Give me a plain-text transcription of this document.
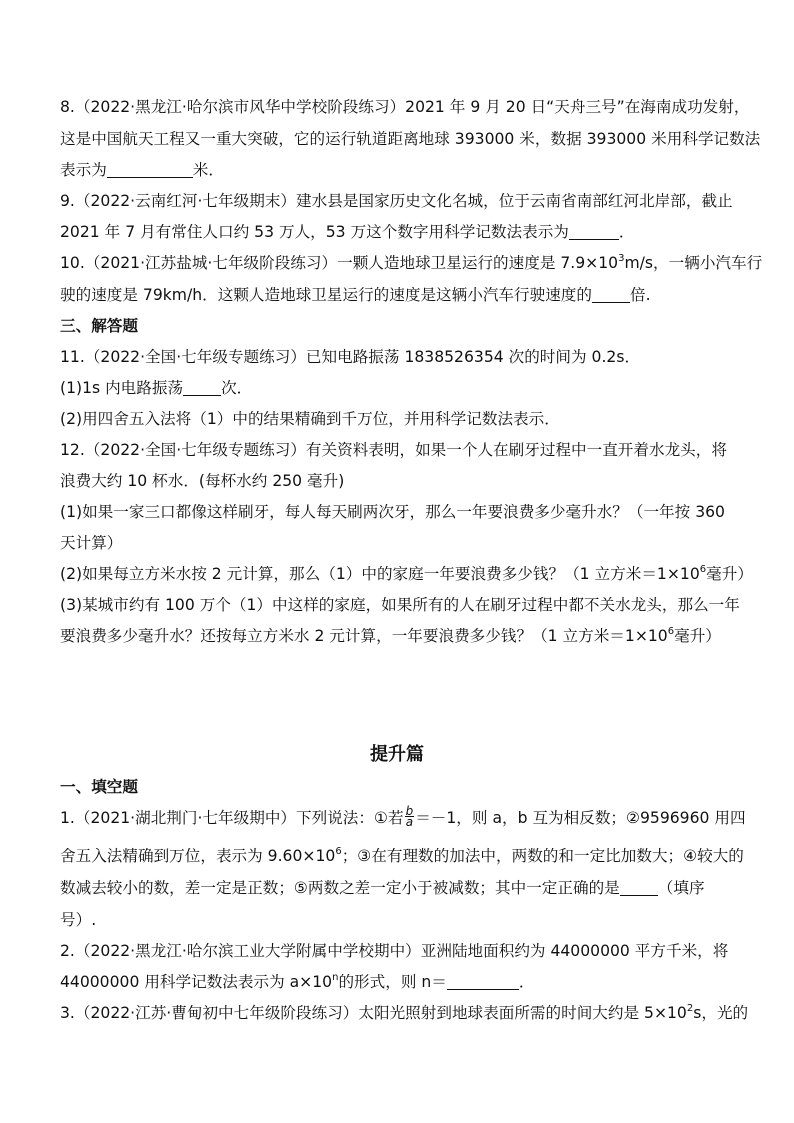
8.（2022·黑龙江·哈尔滨市风华中学校阶段练习）2021 年 9 月 20 日“天舟三号”在海南成功发射，
这是中国航天工程又一重大突破，它的运行轨道距离地球 393000 米，数据 393000 米用科学记数法
表示为	米．
9.（2022·云南红河·七年级期末）建水县是国家历史文化名城，位于云南省南部红河北岸部，截止
2021 年 7 月有常住人口约 53 万人，53 万这个数字用科学记数法表示为	．
10.（2021·江苏盐城·七年级阶段练习）一颗人造地球卫星运行的速度是 $7.9\times 10^3m/s$，一辆小汽车行
驶的速度是 79km/h．这颗人造地球卫星运行的速度是这辆小汽车行驶速度的 倍.
三、解答题
11.（2022·全国·七年级专题练习）已知电路振荡 1838526354 次的时间为 0.2s．
(1)1s 内电路振荡 次．
(2)用四舍五入法将（1）中的结果精确到千万位，并用科学记数法表示．
12.（2022·全国·七年级专题练习）有关资料表明，如果一个人在刷牙过程中一直开着水龙头，将
浪费大约 10 杯水．(每杯水约 250 毫升)
(1)如果一家三口都像这样刷牙，每人每天刷两次牙，那么一年要浪费多少毫升水？（一年按 360
天计算）
(2)如果每立方米水按 2 元计算，那么（1）中的家庭一年要浪费多少钱？（1 立方米$=1\times 10^6$毫升）
(3)某城市约有 100 万个（1）中这样的家庭，如果所有的人在刷牙过程中都不关水龙头，那么一年
要浪费多少毫升水？还按每立方米水 2 元计算，一年要浪费多少钱？（1 立方米$=1\times 10^6$毫升）
提升篇
一、填空题
1.（2021·湖北荆门·七年级期中）下列说法：①若 $\frac{b}{a} =-1$，则 a，b 互为相反数；②9596960 用四
舍五入法精确到万位，表示为 $9.60\times 10^6$；③在有理数的加法中，两数的和一定比加数大；④较大的
数减去较小的数，差一定是正数；⑤两数之差一定小于被减数；其中一定正确的是 （填序
号）.
2.（2022·黑龙江·哈尔滨工业大学附属中学校期中）亚洲陆地面积约为 44000000 平方千米，将
44000000 用科学记数法表示为 $a\times 10^n$的形式，则 n＝	．
3.（2022·江苏·曹甸初中七年级阶段练习）太阳光照射到地球表面所需的时间大约是 $5\times 10^2s$，光的
